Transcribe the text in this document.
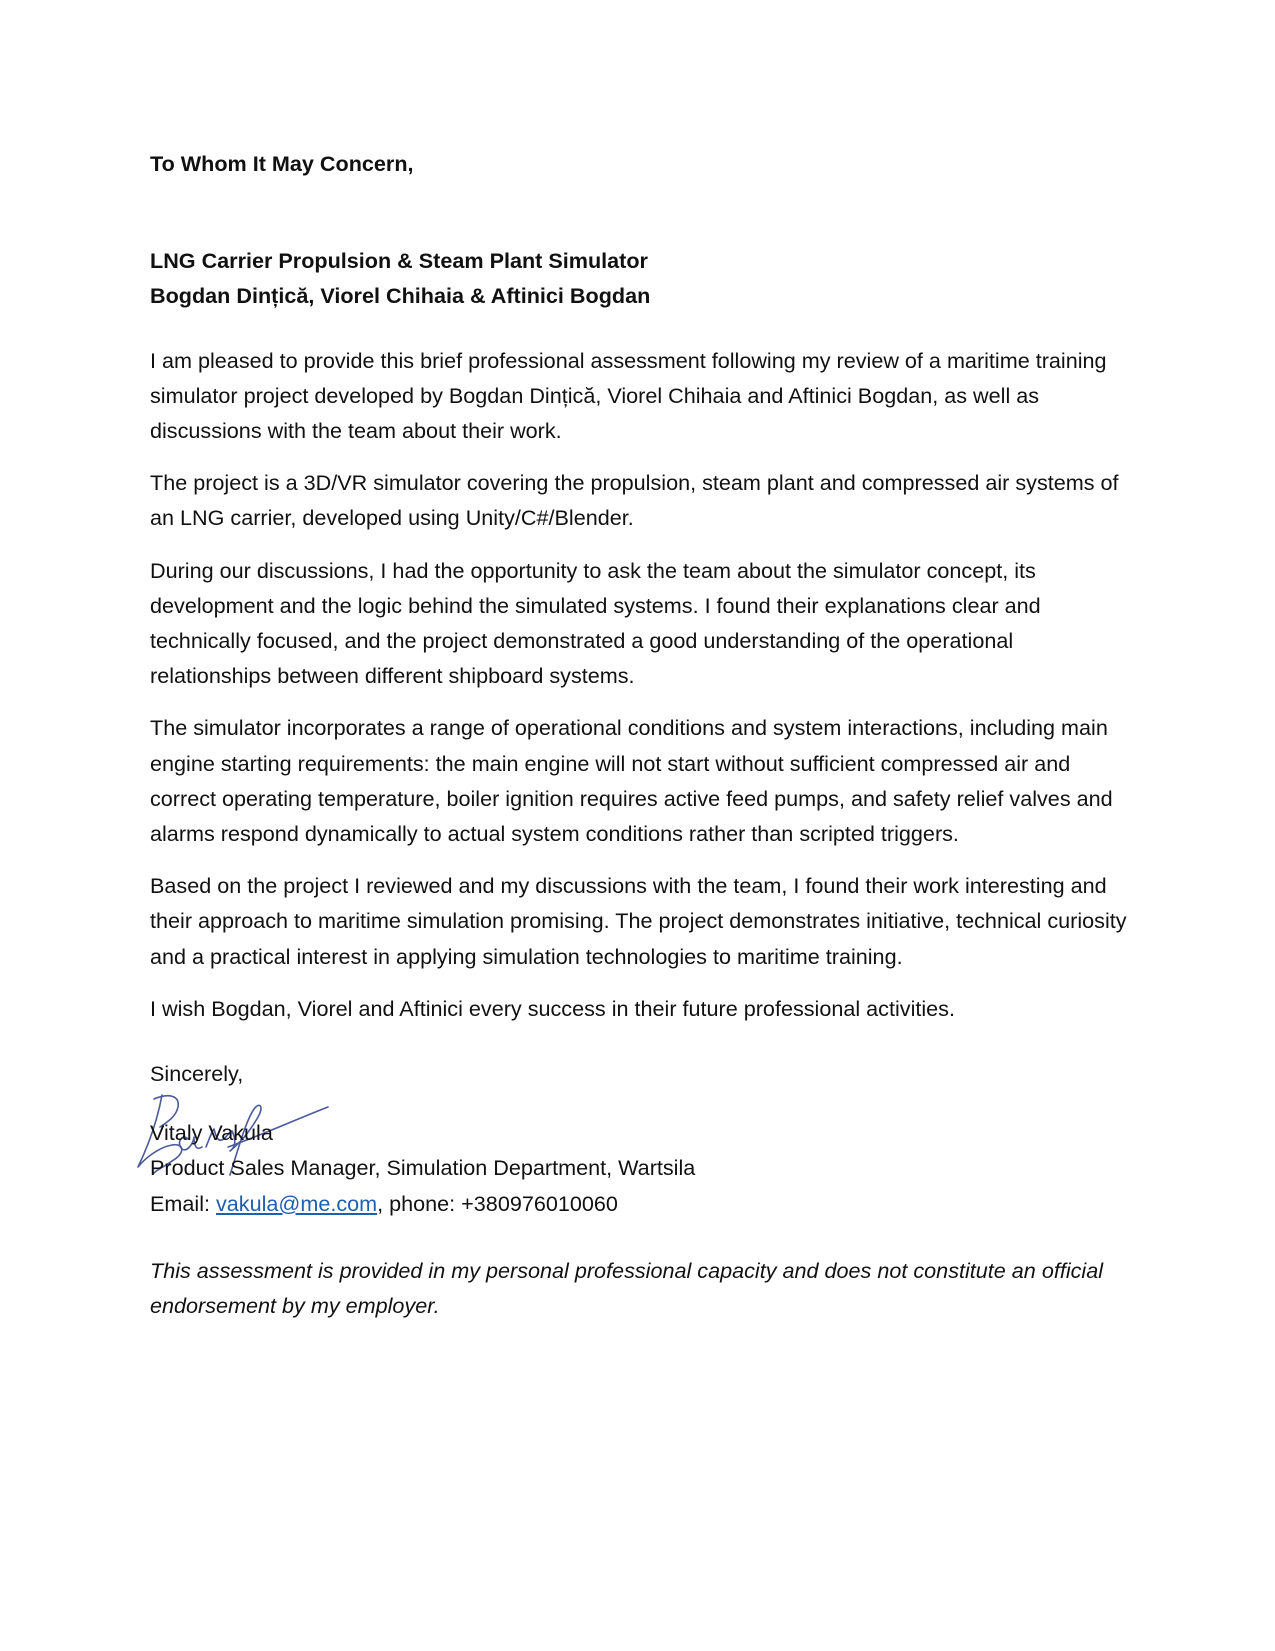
To Whom It May Concern,

LNG Carrier Propulsion & Steam Plant Simulator

Bogdan Dințică, Viorel Chihaia & Aftinici Bogdan

I am pleased to provide this brief professional assessment following my review of a maritime training simulator project developed by Bogdan Dințică, Viorel Chihaia and Aftinici Bogdan, as well as discussions with the team about their work.

The project is a 3D/VR simulator covering the propulsion, steam plant and compressed air systems of an LNG carrier, developed using Unity/C#/Blender.

During our discussions, I had the opportunity to ask the team about the simulator concept, its development and the logic behind the simulated systems. I found their explanations clear and technically focused, and the project demonstrated a good understanding of the operational relationships between different shipboard systems.

The simulator incorporates a range of operational conditions and system interactions, including main engine starting requirements: the main engine will not start without sufficient compressed air and correct operating temperature, boiler ignition requires active feed pumps, and safety relief valves and alarms respond dynamically to actual system conditions rather than scripted triggers.

Based on the project I reviewed and my discussions with the team, I found their work interesting and their approach to maritime simulation promising. The project demonstrates initiative, technical curiosity and a practical interest in applying simulation technologies to maritime training.

I wish Bogdan, Viorel and Aftinici every success in their future professional activities.

Sincerely,

Vitaly Vakula

Product Sales Manager, Simulation Department, Wartsila

Email: vakula@me.com, phone: +380976010060

This assessment is provided in my personal professional capacity and does not constitute an official endorsement by my employer.
